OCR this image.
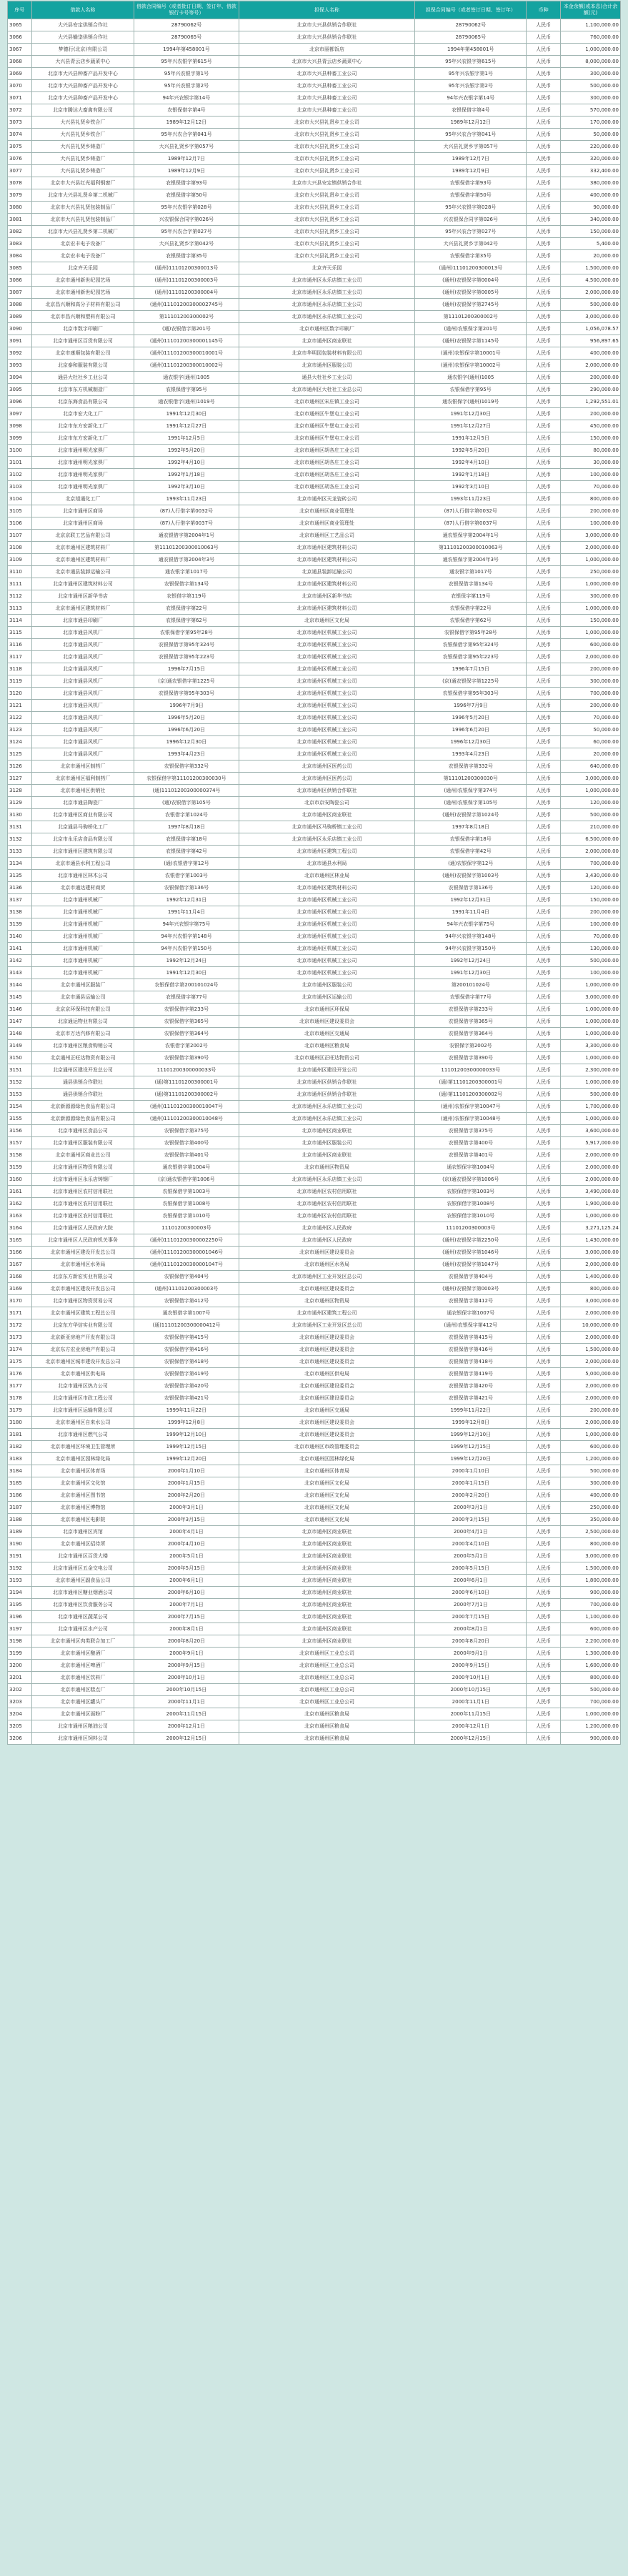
序号	借款人名称	借款合同编号（或者批订日期、签订年、借款银行卡号等号）	担保人名称	担保合同编号（或者签订日期、签订年）	币种	本金余额(或本息)合计余额(元)
3065	大兴县安定供销合作社	28790062号	北京市大兴县供销合作联社	28790062号	人民币	1,100,000.00
3066	大兴县榆垡供销合作社	28790065号	北京市大兴县供销合作联社	28790065号	人民币	760,000.00
3067	梦德行(北京)有限公司	1994年第458001号	北京市丽都饭店	1994年第458001号	人民币	1,000,000.00
3068	大兴县青云店乡蔬菜中心	95年兴农银字第615号	北京市大兴县青云店乡蔬菜中心	95年兴农银字第615号	人民币	8,000,000.00
3069	北京市大兴县种畜产品开发中心	95年兴农银字第1号	北京市大兴县种畜工业公司	95年兴农银字第1号	人民币	300,000.00
3070	北京市大兴县种畜产品开发中心	95年兴农银字第2号	北京市大兴县种畜工业公司	95年兴农银字第2号	人民币	500,000.00
3071	北京市大兴县种畜产品开发中心	94年兴农银字第14号	北京市大兴县种畜工业公司	94年兴农银字第14号	人民币	300,000.00
3072	北京市腾达大畜禽有限公司	农银保借字第4号	北京市大兴县种畜工业公司	农银保借字第4号	人民币	570,000.00
3073	大兴县礼贤乡铁合厂	1989年12月12日	北京市大兴县礼贤乡工业公司	1989年12月12日	人民币	170,000.00
3074	大兴县礼贤乡铁合厂	95年兴农合字第041号	北京市大兴县礼贤乡工业公司	95年兴农合字第041号	人民币	50,000.00
3075	大兴县礼贤乡铸造厂	大兴县礼贤乡字第057号	北京市大兴县礼贤乡工业公司	大兴县礼贤乡字第057号	人民币	220,000.00
3076	大兴县礼贤乡铸造厂	1989年12月7日	北京市大兴县礼贤乡工业公司	1989年12月7日	人民币	320,000.00
3077	大兴县礼贤乡铸造厂	1989年12月9日	北京市大兴县礼贤乡工业公司	1989年12月9日	人民币	332,400.00
3078	北京市大兴县红光福利钢窗厂	农银保借字第93号	北京市大兴县安定镇供销合作社	农银保借字第93号	人民币	380,000.00
3079	北京市大兴县礼贤乡第二机械厂	农银保借字第50号	北京市大兴县礼贤乡工业公司	农银保借字第50号	人民币	400,000.00
3080	北京市大兴县礼贤包装制品厂	95年兴农银字第028号	北京市大兴县礼贤乡工业公司	95年兴农银字第028号	人民币	90,000.00
3081	北京市大兴县礼贤包装制品厂	兴农银保合同字第026号	北京市大兴县礼贤乡工业公司	兴农银保合同字第026号	人民币	340,000.00
3082	北京市大兴县礼贤乡第二机械厂	95年兴农合字第027号	北京市大兴县礼贤乡工业公司	95年兴农合字第027号	人民币	150,000.00
3083	北京宏丰电子设备厂	大兴县礼贤乡字第042号	北京市大兴县礼贤乡工业公司	大兴县礼贤乡字第042号	人民币	5,400.00
3084	北京宏丰电子设备厂	农银保借字第35号	北京市大兴县礼贤乡工业公司	农银保借字第35号	人民币	20,000.00
3085	北京齐天乐园	(通州)11101200300013号	北京齐天乐园	(通州)11101200300013号	人民币	1,500,000.00
3086	北京市通州新世纪园艺场	(通州)11101200300003号	北京市通州区永乐店镇工业公司	(通州)农银保字第0004号	人民币	4,500,000.00
3087	北京市通州新世纪园艺场	(通州)11101200300004号	北京市通州区永乐店镇工业公司	(通州)农银保字第0005号	人民币	2,000,000.00
3088	北京昌兴顺和高分子材料有限公司	(通州)11101200300002745号	北京市通州区永乐店镇工业公司	(通州)农银保字第2745号	人民币	500,000.00
3089	北京市昌兴顺和塑料有限公司	第11101200300002号	北京市通州区永乐店镇工业公司	第11101200300002号	人民币	3,000,000.00
3090	北京市数字印刷厂	(通)农银借字第201号	北京市通州区数字印刷厂	(通州)农银保字第201号	人民币	1,056,078.57
3091	北京市通州区百货有限公司	(通州)11101200300001145号	北京市通州区商业联社	(通州)农银保字第1145号	人民币	956,897.65
3092	北京市康顺包装有限公司	(通州)11101200300010001号	北京市华明园包装材料有限公司	(通州)农银保字第10001号	人民币	400,000.00
3093	北京泰和服装有限公司	(通州)11101200300010002号	北京市通州区服装公司	(通州)农银保字第10002号	人民币	2,000,000.00
3094	通县大杜社乡工业公司	通农银字(通州)1005	通县大杜社乡工业公司	通农银字(通州)1005	人民币	200,000.00
3095	北京市东方机械制造厂	农银保借字第95号	北京市通州区大杜社工业总公司	农银保借字第95号	人民币	290,000.00
3096	北京东海食品有限公司	通农银借字(通州)1019号	北京市通州区宋庄镇工业公司	通农银保字(通州)1019号	人民币	1,292,551.01
3097	北京市宏大化工厂	1991年12月30日	北京市通州区牛堡屯工业公司	1991年12月30日	人民币	200,000.00
3098	北京市东方宏新化工厂	1991年12月27日	北京市通州区牛堡屯工业公司	1991年12月27日	人民币	450,000.00
3099	北京市东方宏新化工厂	1991年12月5日	北京市通州区牛堡屯工业公司	1991年12月5日	人民币	150,000.00
3100	北京市通州明光家俱厂	1992年5月20日	北京市通州区胡各庄工业公司	1992年5月20日	人民币	80,000.00
3101	北京市通州明光家俱厂	1992年4月10日	北京市通州区胡各庄工业公司	1992年4月10日	人民币	30,000.00
3102	北京市通州明光家俱厂	1992年1月18日	北京市通州区胡各庄工业公司	1992年1月18日	人民币	100,000.00
3103	北京市通州明光家俱厂	1992年3月10日	北京市通州区胡各庄工业公司	1992年3月10日	人民币	70,000.00
3104	北京旭通化工厂	1993年11月23日	北京市通州区天龙瓷砖公司	1993年11月23日	人民币	800,000.00
3105	北京市通州区商场	(87)人行借字第0032号	北京市通州区商业管理处	(87)人行借字第0032号	人民币	200,000.00
3106	北京市通州区商场	(87)人行借字第0037号	北京市通州区商业管理处	(87)人行借字第0037号	人民币	100,000.00
3107	北京京联工艺品有限公司	通农银借字第2004年1号	北京市通州区工艺品公司	通农银保字第2004年1号	人民币	3,000,000.00
3108	北京市通州区建筑材料厂	第11101200300010063号	北京市通州区建筑材料公司	第11101200300010063号	人民币	2,000,000.00
3109	北京市通州区建筑材料厂	通农银借字第2004年3号	北京市通州区建筑材料公司	通农银保字第2004年3号	人民币	1,000,000.00
3110	北京市通县装卸运输公司	通农银字第1017号	北京通县装卸运输公司	通农银字第1017号	人民币	250,000.00
3111	北京市通州区建筑材料公司	农银保借字第134号	北京市通州区建筑材料公司	农银保借字第134号	人民币	1,000,000.00
3112	北京市通州区新华书店	农银借字第119号	北京市通州区新华书店	农银保字第119号	人民币	300,000.00
3113	北京市通州区建筑材料厂	农银保借字第22号	北京市通州区建筑材料公司	农银保借字第22号	人民币	1,000,000.00
3114	北京市通县印刷厂	农银保借字第62号	北京市通州区文化局	农银保借字第62号	人民币	150,000.00
3115	北京市通县风机厂	农银保借字第95年28号	北京市通州区机械工业公司	农银保借字第95年28号	人民币	1,000,000.00
3116	北京市通县风机厂	农银保借字第95年324号	北京市通州区机械工业公司	农银保借字第95年324号	人民币	600,000.00
3117	北京市通县风机厂	农银保借字第95年223号	北京市通州区机械工业公司	农银保借字第95年223号	人民币	2,000,000.00
3118	北京市通县风机厂	1996年7月15日	北京市通州区机械工业公司	1996年7月15日	人民币	200,000.00
3119	北京市通县风机厂	(京)通农银借字第1225号	北京市通州区机械工业公司	(京)通农银保字第1225号	人民币	300,000.00
3120	北京市通县风机厂	农银保借字第95年303号	北京市通州区机械工业公司	农银保借字第95年303号	人民币	700,000.00
3121	北京市通县风机厂	1996年7月9日	北京市通州区机械工业公司	1996年7月9日	人民币	200,000.00
3122	北京市通县风机厂	1996年5月20日	北京市通州区机械工业公司	1996年5月20日	人民币	70,000.00
3123	北京市通县风机厂	1996年6月20日	北京市通州区机械工业公司	1996年6月20日	人民币	50,000.00
3124	北京市通县风机厂	1996年12月30日	北京市通州区机械工业公司	1996年12月30日	人民币	60,000.00
3125	北京市通县风机厂	1993年4月23日	北京市通州区机械工业公司	1993年4月23日	人民币	20,000.00
3126	北京市通州区制药厂	农银保借字第332号	北京市通州区医药公司	农银保借字第332号	人民币	640,000.00
3127	北京市通州区福利制药厂	农银保借字第11101200300030号	北京市通州区医药公司	第11101200300030号	人民币	3,000,000.00
3128	北京市通州区供销社	(通)11101200300000374号	北京市通州区供销合作联社	(通州)农银保字第374号	人民币	1,000,000.00
3129	北京市通县陶瓷厂	(通)农银借字第105号	北京市京安陶瓷公司	(通州)农银保字第105号	人民币	120,000.00
3130	北京市通州区商业有限公司	农银借字第1024号	北京市通州区商业联社	(通州)农银保字第1024号	人民币	500,000.00
3131	北京通县马驹桥化工厂	1997年8月18日	北京市通州区马驹桥镇工业公司	1997年8月18日	人民币	210,000.00
3132	北京市永乐店食品有限公司	农银保借字第18号	北京市通州区永乐店镇工业公司	农银保借字第18号	人民币	6,500,000.00
3133	北京市通州区建筑有限公司	农银保借字第42号	北京市通州区建筑工程公司	农银保借字第42号	人民币	2,000,000.00
3134	北京市通县水利工程公司	(通)农银借字第12号	北京市通县水利局	(通)农银保字第12号	人民币	700,000.00
3135	北京市通州区林木公司	农银借字第1003号	北京市通州区林业局	(通州)农银保字第1003号	人民币	3,430,000.00
3136	北京市通达建材商贸	农银保借字第136号	北京市通州区建筑材料公司	农银保借字第136号	人民币	120,000.00
3137	北京市通州机械厂	1992年12月31日	北京市通州区机械工业公司	1992年12月31日	人民币	150,000.00
3138	北京市通州机械厂	1991年11月4日	北京市通州区机械工业公司	1991年11月4日	人民币	200,000.00
3139	北京市通州机械厂	94年兴农银字第75号	北京市通州区机械工业公司	94年兴农银字第75号	人民币	100,000.00
3140	北京市通州机械厂	94年兴农银字第148号	北京市通州区机械工业公司	94年兴农银字第148号	人民币	70,000.00
3141	北京市通州机械厂	94年兴农银字第150号	北京市通州区机械工业公司	94年兴农银字第150号	人民币	130,000.00
3142	北京市通州机械厂	1992年12月24日	北京市通州区机械工业公司	1992年12月24日	人民币	500,000.00
3143	北京市通州机械厂	1991年12月30日	北京市通州区机械工业公司	1991年12月30日	人民币	100,000.00
3144	北京市通州区服装厂	农银保借字第200101024号	北京市通州区服装公司	第200101024号	人民币	1,000,000.00
3145	北京市通县运输公司	农银保借字第77号	北京市通州区运输公司	农银保借字第77号	人民币	3,000,000.00
3146	北京京环保科技有限公司	农银保借字第233号	北京市通州区环保局	农银保借字第233号	人民币	1,000,000.00
3147	北京通运物业有限公司	农银保借字第365号	北京市通州区建设委员会	农银保借字第365号	人民币	1,000,000.00
3148	北京市万达汽修有限公司	农银保借字第364号	北京市通州区交通局	农银保借字第364号	人民币	1,000,000.00
3149	北京市通州区粮食购销公司	农银借字第2002号	北京市通州区粮食局	农银保字第2002号	人民币	3,300,000.00
3150	北京通州正旺达物资有限公司	农银保借字第390号	北京市通州区正旺达物资公司	农银保借字第390号	人民币	1,000,000.00
3151	北京通州区建设开发总公司	11101200300000033号	北京市通州区建设开发公司	11101200300000033号	人民币	2,300,000.00
3152	通县供销合作联社	(通)第11101200300001号	北京市通州区供销合作联社	(通)第11101200300001号	人民币	1,000,000.00
3153	通县供销合作联社	(通)第11101200300002号	北京市通州区供销合作联社	(通)第11101200300002号	人民币	500,000.00
3154	北京新源源绿色食品有限公司	(通州)11101200300010047号	北京市通州区永乐店镇工业公司	(通州)农银保字第10047号	人民币	1,700,000.00
3155	北京新源源绿色食品有限公司	(通州)11101200300010048号	北京市通州区永乐店镇工业公司	(通州)农银保字第10048号	人民币	1,000,000.00
3156	北京市通州区食品公司	农银保借字第375号	北京市通州区商业联社	农银保借字第375号	人民币	3,600,000.00
3157	北京市通州区服装有限公司	农银保借字第400号	北京市通州区服装公司	农银保借字第400号	人民币	5,917,000.00
3158	北京市通州区商业总公司	农银保借字第401号	北京市通州区商业联社	农银保借字第401号	人民币	2,000,000.00
3159	北京市通州区物资有限公司	通农银借字第1004号	北京市通州区物资局	通农银保字第1004号	人民币	2,000,000.00
3160	北京市通州区永乐店铸钢厂	(京)通农银借字第1006号	北京市通州区永乐店镇工业公司	(京)通农银保字第1006号	人民币	2,000,000.00
3161	北京市通州区农村信用联社	农银保借字第1003号	北京市通州区农村信用联社	农银保借字第1003号	人民币	3,490,000.00
3162	北京市通州区农村信用联社	农银保借字第1008号	北京市通州区农村信用联社	农银保借字第1008号	人民币	1,900,000.00
3163	北京市通州区农村信用联社	农银保借字第1010号	北京市通州区农村信用联社	农银保借字第1010号	人民币	1,000,000.00
3164	北京市通州区人民政府大院	11101200300003号	北京市通州区人民政府	11101200300003号	人民币	3,271,125.24
3165	北京市通州区人民政府机关事务	(通州)11101200300002250号	北京市通州区人民政府	(通州)农银保字第2250号	人民币	1,430,000.00
3166	北京市通州区建设开发总公司	(通州)11101200300001046号	北京市通州区建设委员会	(通州)农银保字第1046号	人民币	3,000,000.00
3167	北京市通州区水务局	(通州)11101200300001047号	北京市通州区水务局	(通州)农银保字第1047号	人民币	2,000,000.00
3168	北京东方新宏实业有限公司	农银保借字第404号	北京市通州区工业开发区总公司	农银保借字第404号	人民币	1,400,000.00
3169	北京市通州区建设开发总公司	(通州)11101200300003号	北京市通州区建设委员会	(通州)农银保字第0003号	人民币	800,000.00
3170	北京市通州区物资贸易公司	农银保借字第412号	北京市通州区物资局	农银保借字第412号	人民币	3,000,000.00
3171	北京市通州区建筑工程总公司	通农银借字第1007号	北京市通州区建筑工程公司	通农银保字第1007号	人民币	2,000,000.00
3172	北京东方华信实业有限公司	(通)11101200300000412号	北京市通州区工业开发区总公司	(通州)农银保字第412号	人民币	10,000,000.00
3173	北京新亚房地产开发有限公司	农银保借字第415号	北京市通州区建设委员会	农银保借字第415号	人民币	2,000,000.00
3174	北京东方宏业房地产有限公司	农银保借字第416号	北京市通州区建设委员会	农银保借字第416号	人民币	1,500,000.00
3175	北京市通州区城市建设开发总公司	农银保借字第418号	北京市通州区建设委员会	农银保借字第418号	人民币	2,000,000.00
3176	北京市通州区供电局	农银保借字第419号	北京市通州区供电局	农银保借字第419号	人民币	5,000,000.00
3177	北京市通州区热力公司	农银保借字第420号	北京市通州区建设委员会	农银保借字第420号	人民币	2,000,000.00
3178	北京市通州区市政工程公司	农银保借字第421号	北京市通州区建设委员会	农银保借字第421号	人民币	2,000,000.00
3179	北京市通州区运输有限公司	1999年11月22日	北京市通州区交通局	1999年11月22日	人民币	200,000.00
3180	北京市通州区自来水公司	1999年12月8日	北京市通州区建设委员会	1999年12月8日	人民币	2,000,000.00
3181	北京市通州区燃气公司	1999年12月10日	北京市通州区建设委员会	1999年12月10日	人民币	1,000,000.00
3182	北京市通州区环境卫生管理所	1999年12月15日	北京市通州区市政管理委员会	1999年12月15日	人民币	600,000.00
3183	北京市通州区园林绿化局	1999年12月20日	北京市通州区园林绿化局	1999年12月20日	人民币	1,200,000.00
3184	北京市通州区体育场	2000年1月10日	北京市通州区体育局	2000年1月10日	人民币	500,000.00
3185	北京市通州区文化馆	2000年1月15日	北京市通州区文化局	2000年1月15日	人民币	300,000.00
3186	北京市通州区图书馆	2000年2月20日	北京市通州区文化局	2000年2月20日	人民币	400,000.00
3187	北京市通州区博物馆	2000年3月1日	北京市通州区文化局	2000年3月1日	人民币	250,000.00
3188	北京市通州区电影院	2000年3月15日	北京市通州区文化局	2000年3月15日	人民币	350,000.00
3189	北京市通州区宾馆	2000年4月1日	北京市通州区商业联社	2000年4月1日	人民币	2,500,000.00
3190	北京市通州区招待所	2000年4月10日	北京市通州区商业联社	2000年4月10日	人民币	800,000.00
3191	北京市通州区百货大楼	2000年5月1日	北京市通州区商业联社	2000年5月1日	人民币	3,000,000.00
3192	北京市通州区五金交电公司	2000年5月15日	北京市通州区商业联社	2000年5月15日	人民币	1,500,000.00
3193	北京市通州区副食品公司	2000年6月1日	北京市通州区商业联社	2000年6月1日	人民币	1,800,000.00
3194	北京市通州区糖业烟酒公司	2000年6月10日	北京市通州区商业联社	2000年6月10日	人民币	900,000.00
3195	北京市通州区饮食服务公司	2000年7月1日	北京市通州区商业联社	2000年7月1日	人民币	700,000.00
3196	北京市通州区蔬菜公司	2000年7月15日	北京市通州区商业联社	2000年7月15日	人民币	1,100,000.00
3197	北京市通州区水产公司	2000年8月1日	北京市通州区商业联社	2000年8月1日	人民币	600,000.00
3198	北京市通州区肉类联合加工厂	2000年8月20日	北京市通州区商业联社	2000年8月20日	人民币	2,200,000.00
3199	北京市通州区酿酒厂	2000年9月1日	北京市通州区工业总公司	2000年9月1日	人民币	1,300,000.00
3200	北京市通州区啤酒厂	2000年9月15日	北京市通州区工业总公司	2000年9月15日	人民币	1,600,000.00
3201	北京市通州区饮料厂	2000年10月1日	北京市通州区工业总公司	2000年10月1日	人民币	800,000.00
3202	北京市通州区糕点厂	2000年10月15日	北京市通州区工业总公司	2000年10月15日	人民币	500,000.00
3203	北京市通州区罐头厂	2000年11月1日	北京市通州区工业总公司	2000年11月1日	人民币	700,000.00
3204	北京市通州区面粉厂	2000年11月15日	北京市通州区粮食局	2000年11月15日	人民币	1,000,000.00
3205	北京市通州区粮油公司	2000年12月1日	北京市通州区粮食局	2000年12月1日	人民币	1,200,000.00
3206	北京市通州区饲料公司	2000年12月15日	北京市通州区粮食局	2000年12月15日	人民币	900,000.00
